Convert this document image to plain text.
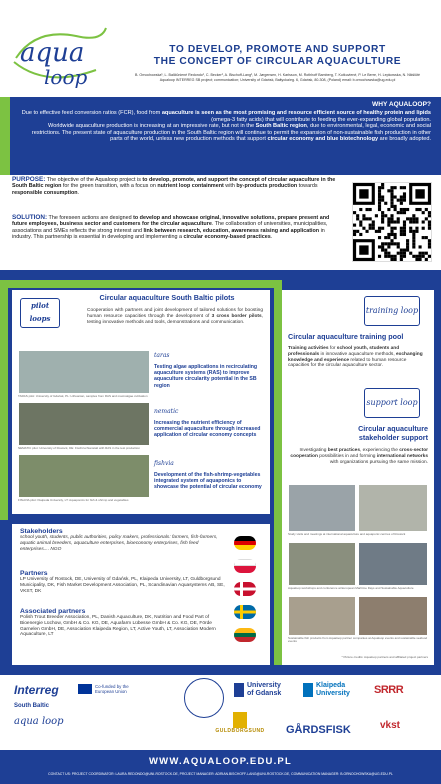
aqua
loop
TO DEVELOP, PROMOTE AND SUPPORT
THE CONCEPT OF CIRCULAR AQUACULTURE
B. Ornochowska¹, L. Balčiūnienė Redondo¹, C. Becker¹, A. Bischoff-Lang¹, M. Jørgensen, H. Karlsson, M. Rothhoff Bamberg, T. Kutkuvienė, P. Le Berre, H. Lepkowska, N. Nikšiūtė
Aqualoop INTERREG SB project; communication; University of Gdańsk, Bałtycka/eg. 6, Gdańsk, 80-308, (Poland) email: b.ornochowska@ug.edu.pl
WHY AQUALOOP?

Due to effective feed conversion ratios (FCR), food from aquaculture is seen as the most promising and resource efficient source of healthy protein and lipids (omega-3 fatty acids) that will contribute to feeding the ever-expanding global population.
Worldwide aquaculture production is increasing at an impressive rate, but not in the South Baltic region, due to environmental, legal, economic and social restrictions. The present state of aquaculture production in the South Baltic region will continue to permit the expansion of non-sustainable fish production in other parts of the world, unless new production methods that support circular economy and blue biotechnology are broadly adopted.

PURPOSE: The objective of the Aqualoop project is to develop, promote, and support the concept of circular aquaculture in the South Baltic region for the green transition, with a focus on nutrient loop containment with by-products production towards responsible consumption.
SOLUTION: The foreseen actions are designed to develop and showcase original, innovative solutions, prepare present and future employees, business sector and customers for the circular aquaculture. The collaboration of universities, municipalities, associations and SMEs reflects the strong interest and link between research, education, awareness raising and application in industry. This partnership is essential in developing and implementing a circular economy-based practices.
pilot loops
Circular aquaculture South Baltic pilots
Cooperation with partners and joint development of tailored solutions for boosting human resource capacities through the development of 3 cross border pilots, testing innovative methods and tools, demonstrations and communication.
TARAS pilot: University of Gdańsk, PL: Lithuanian, samples from RAS and macroalgae cultivation
taras
Testing algae applications in recirculating aquaculture systems (RAS) to improve aquaculture circularity potential in the SB region
NEMATIC pilot: University of Rostock, DE: Fischzuchtanstalt with RAS in the test production
nematic
Increasing the nutrient efficiency of commercial aquaculture through increased application of circular economy concepts
FISHVIA pilot: Klaipėda University, LT: Aquaponics for fish & shrimp and vegetables
fishvia
Development of the fish-shrimp-vegetables integrated system of aquaponics to showcase the potential of circular economy
training loop
Circular aquaculture training pool
Training activities for school youth, students and professionals in innovative aquaculture methods, exchanging knowledge and experience related to human resource capacities for the circular aquaculture sector.
support loop
Circular aquaculture
stakeholder support
Investigating best practices, experiencing the cross-sector cooperation possibilities in and forming international networks with organizations pursuing the same mission.
Study visits and meetings at international aquaculture and aquaponic centres of Rostock
Aqualoop workshops and conference at European Maritime Days and Sustainable Aquaculture
Sustainable fish products from Aqualoop partner companies at Aqualoop events and sustainable seafood events
* Picture credits: Aqualoop partners and affiliated project partners
Stakeholders
school youth, students, public authorities, policy makers, professionals: farmers, fish-farmers, aquatic animal breeders, aquaculture enterprises, bioeconomy enterprises, fish feed enterprises.... NGO
Partners
LP University of Rostock, DE, University of Gdańsk, PL, Klaipeda University, LT, Guldborgsund Municipality, DK, Fish Market Development Association, PL, Scandinavian Aquasystems AB, SE, VKST, DK
Associated partners
Polish Trout Breeder Association, PL, Danish Aquaculture, DK, Nutrition and Food Part of Bioenergie Lüchow, GmbH & Co. KG, DE, Aquafarm Lübesse GmbH & Co. KG, DE, Förde Garnelen GmbH, DE, Association Klaipeda Region, LT, Active Youth, LT, Association Modern Aquaculture, LT
Interreg
South Baltic
Co-funded by the European Union
aqua loop
University
of Gdansk
Klaipeda
University SRRR
GULDBORGSUND	GÅRDSFISK	vkst
WWW.AQUALOOP.EDU.PL
CONTACT US: PROJECT COORDINATOR: LAURA.REDONDO@UNI-ROSTOCK.DE, PROJECT MANAGER: ADRIAN.BISCHOFF-LANG@UNI-ROSTOCK.DE, COMMUNICATION MANAGER: B.ORNOCHOWSKA@UG.EDU.PL
